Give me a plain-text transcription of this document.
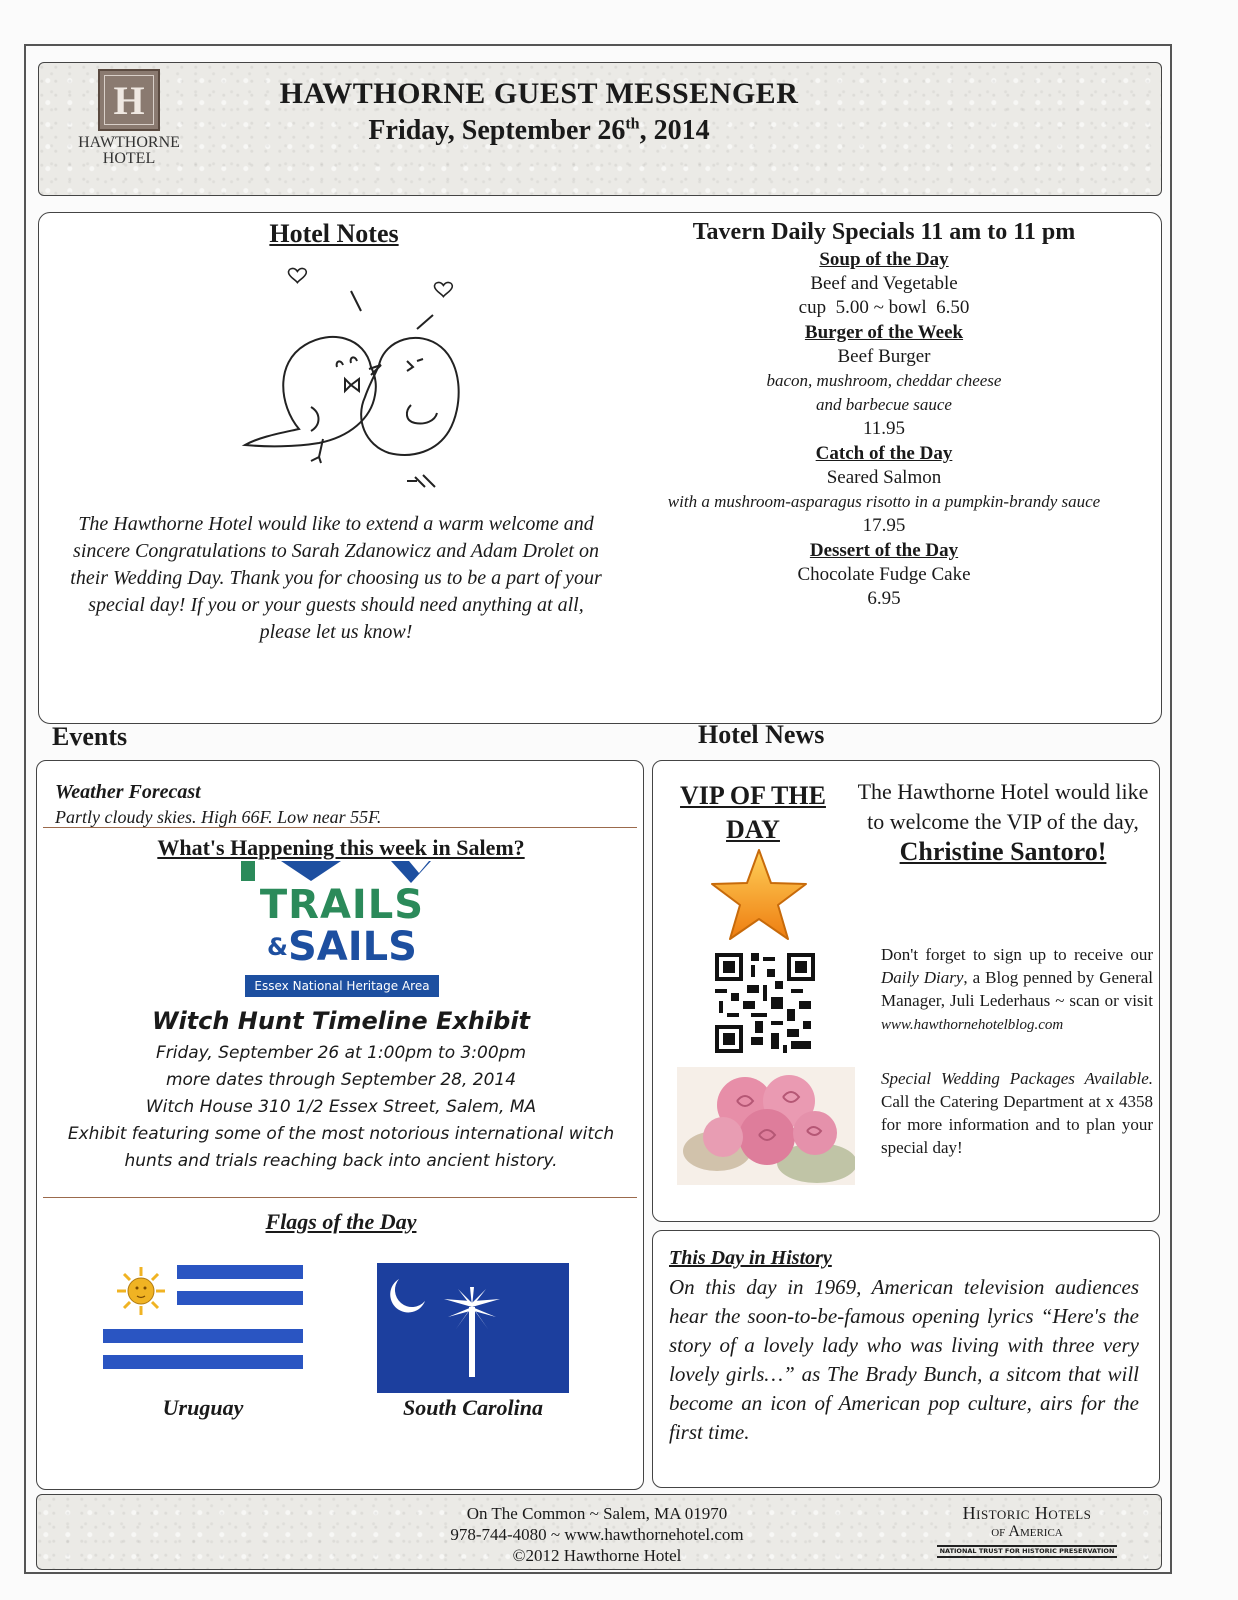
H
HAWTHORNE HOTEL
HAWTHORNE GUEST MESSENGER
Friday, September 26th, 2014
Hotel Notes
The Hawthorne Hotel would like to extend a warm welcome and sincere Congratulations to Sarah Zdanowicz and Adam Drolet on their Wedding Day. Thank you for choosing us to be a part of your special day! If you or your guests should need anything at all, please let us know!
Tavern Daily Specials 11 am to 11 pm
Soup of the Day
Beef and Vegetable
cup  5.00 ~ bowl  6.50
Burger of the Week
Beef Burger
bacon, mushroom, cheddar cheese
and barbecue sauce
11.95
Catch of the Day
Seared Salmon
with a mushroom-asparagus risotto in a pumpkin-brandy sauce
17.95
Dessert of the Day
Chocolate Fudge Cake
6.95
Events	Hotel News
Weather Forecast
Partly cloudy skies. High 66F. Low near 55F.
What's Happening this week in Salem?
TRAILS
&SAILS
Essex National Heritage Area
Witch Hunt Timeline Exhibit
Friday, September 26 at 1:00pm to 3:00pm
more dates through September 28, 2014
Witch House 310 1/2 Essex Street, Salem, MA
Exhibit featuring some of the most notorious international witch
hunts and trials reaching back into ancient history.
Flags of the Day
Uruguay	South Carolina
VIP OF THE DAY
The Hawthorne Hotel would like to welcome the VIP of the day,
Christine Santoro!
Don't forget to sign up to receive our Daily Diary, a Blog penned by General Manager, Juli Lederhaus ~ scan or visit www.hawthornehotelblog.com
Special Wedding Packages Available. Call the Catering Department at x 4358 for more information and to plan your special day!
This Day in History
On this day in 1969, American television audiences hear the soon-to-be-famous opening lyrics “Here's the story of a lovely lady who was living with three very lovely girls…” as The Brady Bunch, a sitcom that will become an icon of American pop culture, airs for the first time.
On The Common ~ Salem, MA 01970
978-744-4080 ~ www.hawthornehotel.com
©2012 Hawthorne Hotel
Historic Hotels
of America
NATIONAL TRUST FOR HISTORIC PRESERVATION
